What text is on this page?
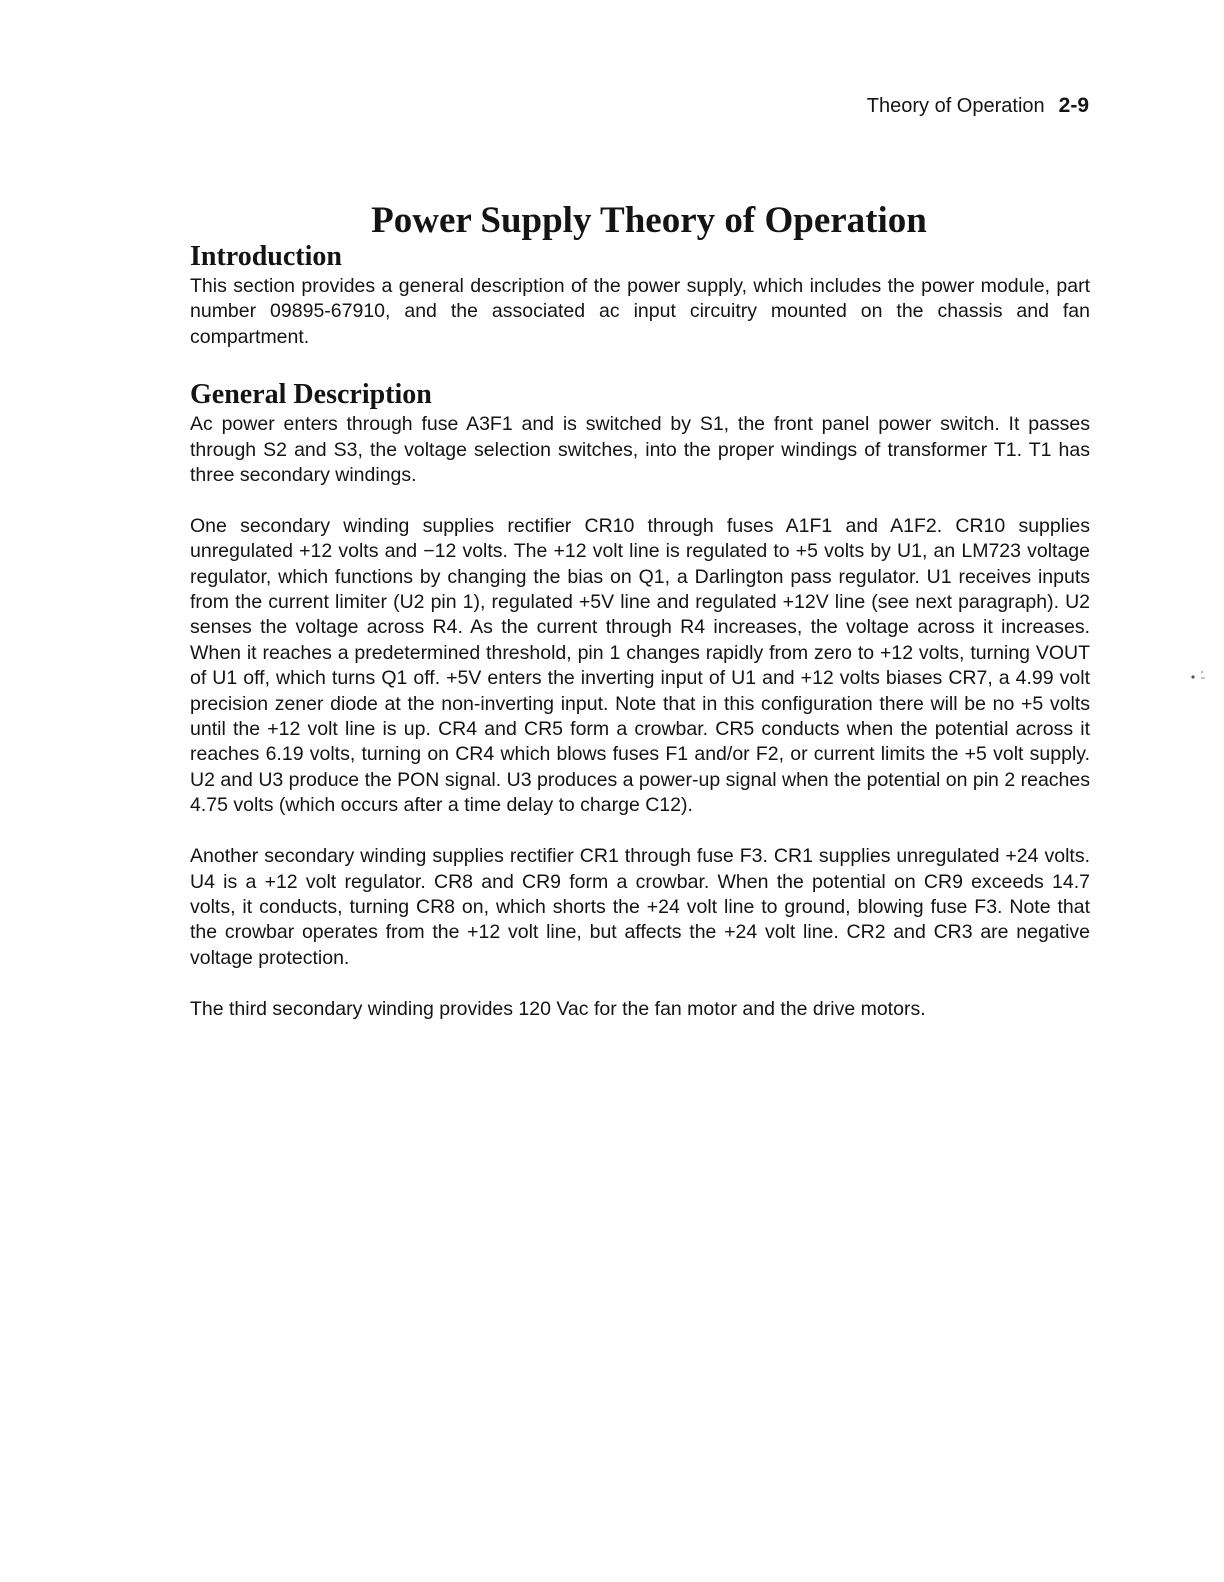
Theory of Operation 2-9
Power Supply Theory of Operation
Introduction

This section provides a general description of the power supply, which includes the power module, part number 09895-67910, and the associated ac input circuitry mounted on the chassis and fan compartment.

General Description

Ac power enters through fuse A3F1 and is switched by S1, the front panel power switch. It passes through S2 and S3, the voltage selection switches, into the proper windings of transformer T1. T1 has three secondary windings.

One secondary winding supplies rectifier CR10 through fuses A1F1 and A1F2. CR10 supplies unregulated +12 volts and −12 volts. The +12 volt line is regulated to +5 volts by U1, an LM723 voltage regulator, which functions by changing the bias on Q1, a Darlington pass regulator. U1 receives inputs from the current limiter (U2 pin 1), regulated +5V line and regulated +12V line (see next paragraph). U2 senses the voltage across R4. As the current through R4 increases, the voltage across it increases. When it reaches a predetermined threshold, pin 1 changes rapidly from zero to +12 volts, turning VOUT of U1 off, which turns Q1 off. +5V enters the inverting input of U1 and +12 volts biases CR7, a 4.99 volt precision zener diode at the non-inverting input. Note that in this configuration there will be no +5 volts until the +12 volt line is up. CR4 and CR5 form a crowbar. CR5 conducts when the potential across it reaches 6.19 volts, turning on CR4 which blows fuses F1 and/or F2, or current limits the +5 volt supply. U2 and U3 produce the PON signal. U3 produces a power-up signal when the potential on pin 2 reaches 4.75 volts (which occurs after a time delay to charge C12).

Another secondary winding supplies rectifier CR1 through fuse F3. CR1 supplies unregulated +24 volts. U4 is a +12 volt regulator. CR8 and CR9 form a crowbar. When the potential on CR9 exceeds 14.7 volts, it conducts, turning CR8 on, which shorts the +24 volt line to ground, blowing fuse F3. Note that the crowbar operates from the +12 volt line, but affects the +24 volt line. CR2 and CR3 are negative voltage protection.

The third secondary winding provides 120 Vac for the fan motor and the drive motors.
